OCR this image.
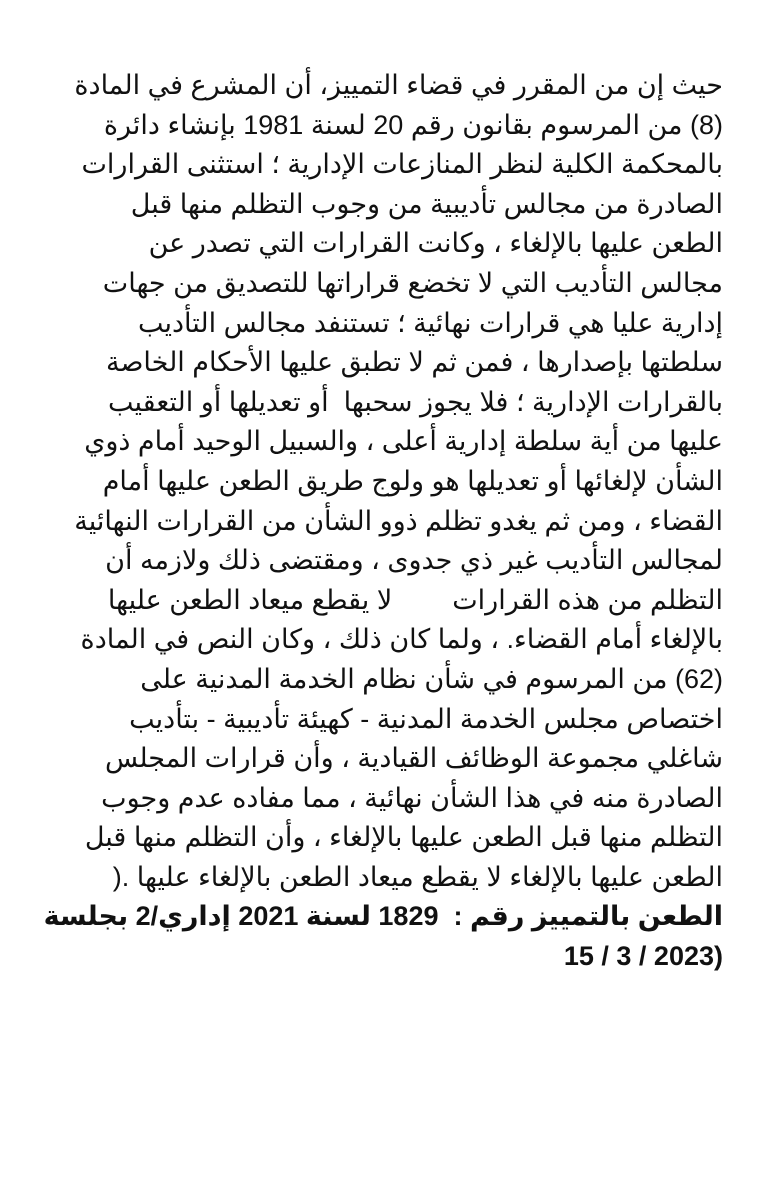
حيث إن من المقرر في قضاء التمييز، أن المشرع في المادة
(8) من المرسوم بقانون رقم 20 لسنة 1981 بإنشاء دائرة
بالمحكمة الكلية لنظر المنازعات الإدارية ؛ استثنى القرارات
الصادرة من مجالس تأديبية من وجوب التظلم منها قبل
الطعن عليها بالإلغاء ، وكانت القرارات التي تصدر عن
مجالس التأديب التي لا تخضع قراراتها للتصديق من جهات
إدارية عليا هي قرارات نهائية ؛ تستنفد مجالس التأديب
سلطتها بإصدارها ، فمن ثم لا تطبق عليها الأحكام الخاصة
بالقرارات الإدارية ؛ فلا يجوز سحبها  أو تعديلها أو التعقيب
عليها من أية سلطة إدارية أعلى ، والسبيل الوحيد أمام ذوي
الشأن لإلغائها أو تعديلها هو ولوج طريق الطعن عليها أمام
القضاء ، ومن ثم يغدو تظلم ذوو الشأن من القرارات النهائية
لمجالس التأديب غير ذي جدوى ، ومقتضى ذلك ولازمه أن
التظلم من هذه القرارات        لا يقطع ميعاد الطعن عليها
بالإلغاء أمام القضاء. ، ولما كان ذلك ، وكان النص في المادة
(62) من المرسوم في شأن نظام الخدمة المدنية على
اختصاص مجلس الخدمة المدنية - كهيئة تأديبية - بتأديب
شاغلي مجموعة الوظائف القيادية ، وأن قرارات المجلس
الصادرة منه في هذا الشأن نهائية ، مما مفاده عدم وجوب
التظلم منها قبل الطعن عليها بالإلغاء ، وأن التظلم منها قبل
الطعن عليها بالإلغاء لا يقطع ميعاد الطعن بالإلغاء عليها .(
الطعن بالتمييز رقم :  1829 لسنة 2021 إداري/2 بجلسة
15 / 3 / 2023)
